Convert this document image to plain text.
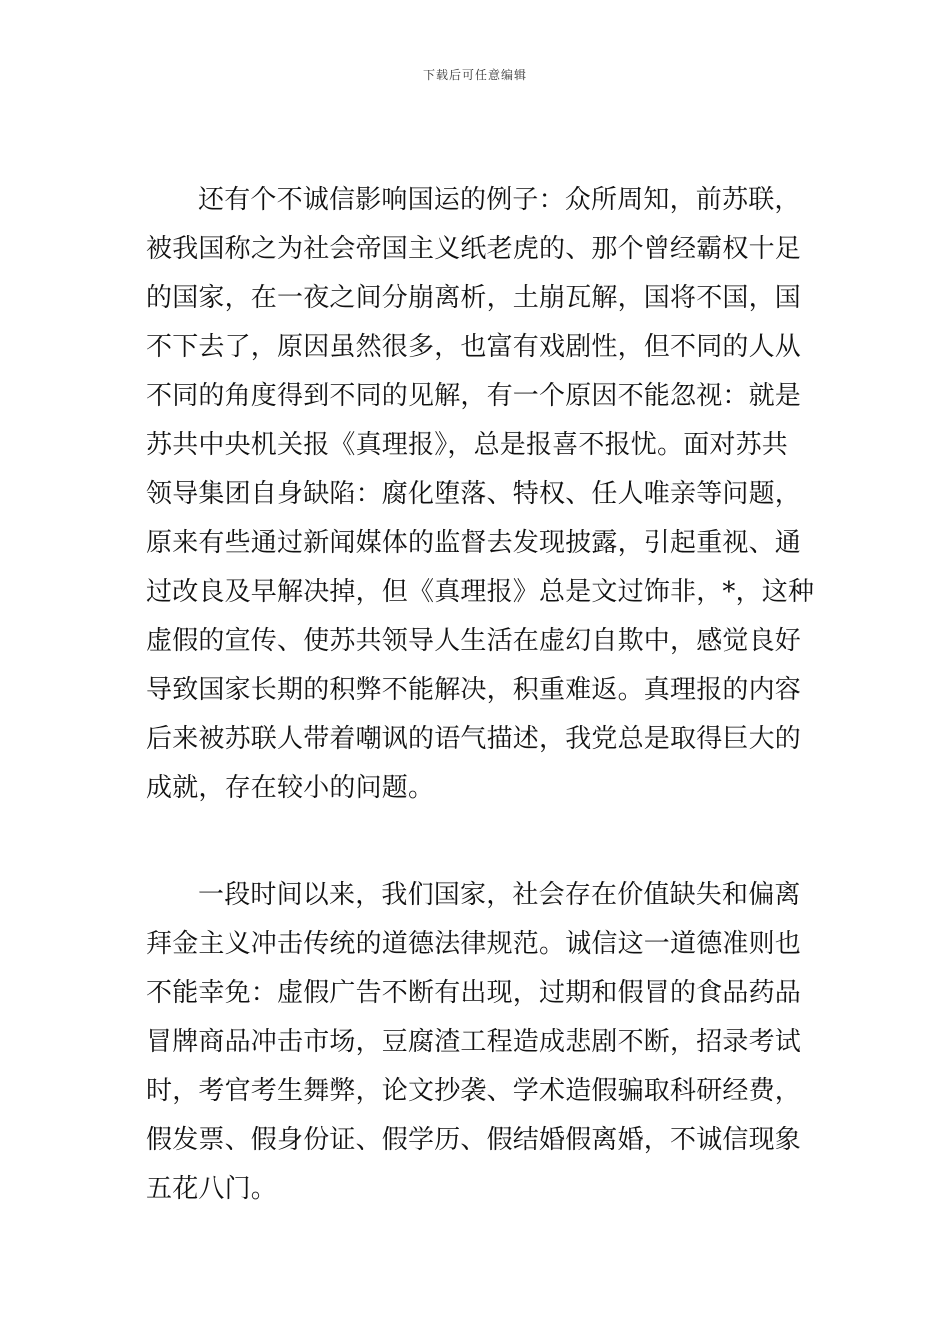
下载后可任意编辑
还有个不诚信影响国运的例子：众所周知，前苏联，
被我国称之为社会帝国主义纸老虎的、那个曾经霸权十足
的国家，在一夜之间分崩离析，土崩瓦解，国将不国，国
不下去了，原因虽然很多，也富有戏剧性，但不同的人从
不同的角度得到不同的见解，有一个原因不能忽视：就是
苏共中央机关报《真理报》，总是报喜不报忧。面对苏共
领导集团自身缺陷：腐化堕落、特权、任人唯亲等问题，
原来有些通过新闻媒体的监督去发现披露，引起重视、通
过改良及早解决掉，但《真理报》总是文过饰非，*，这种
虚假的宣传、使苏共领导人生活在虚幻自欺中，感觉良好
导致国家长期的积弊不能解决，积重难返。真理报的内容
后来被苏联人带着嘲讽的语气描述，我党总是取得巨大的
成就，存在较小的问题。
一段时间以来，我们国家，社会存在价值缺失和偏离
拜金主义冲击传统的道德法律规范。诚信这一道德准则也
不能幸免：虚假广告不断有出现，过期和假冒的食品药品
冒牌商品冲击市场，豆腐渣工程造成悲剧不断，招录考试
时，考官考生舞弊，论文抄袭、学术造假骗取科研经费，
假发票、假身份证、假学历、假结婚假离婚，不诚信现象
五花八门。
